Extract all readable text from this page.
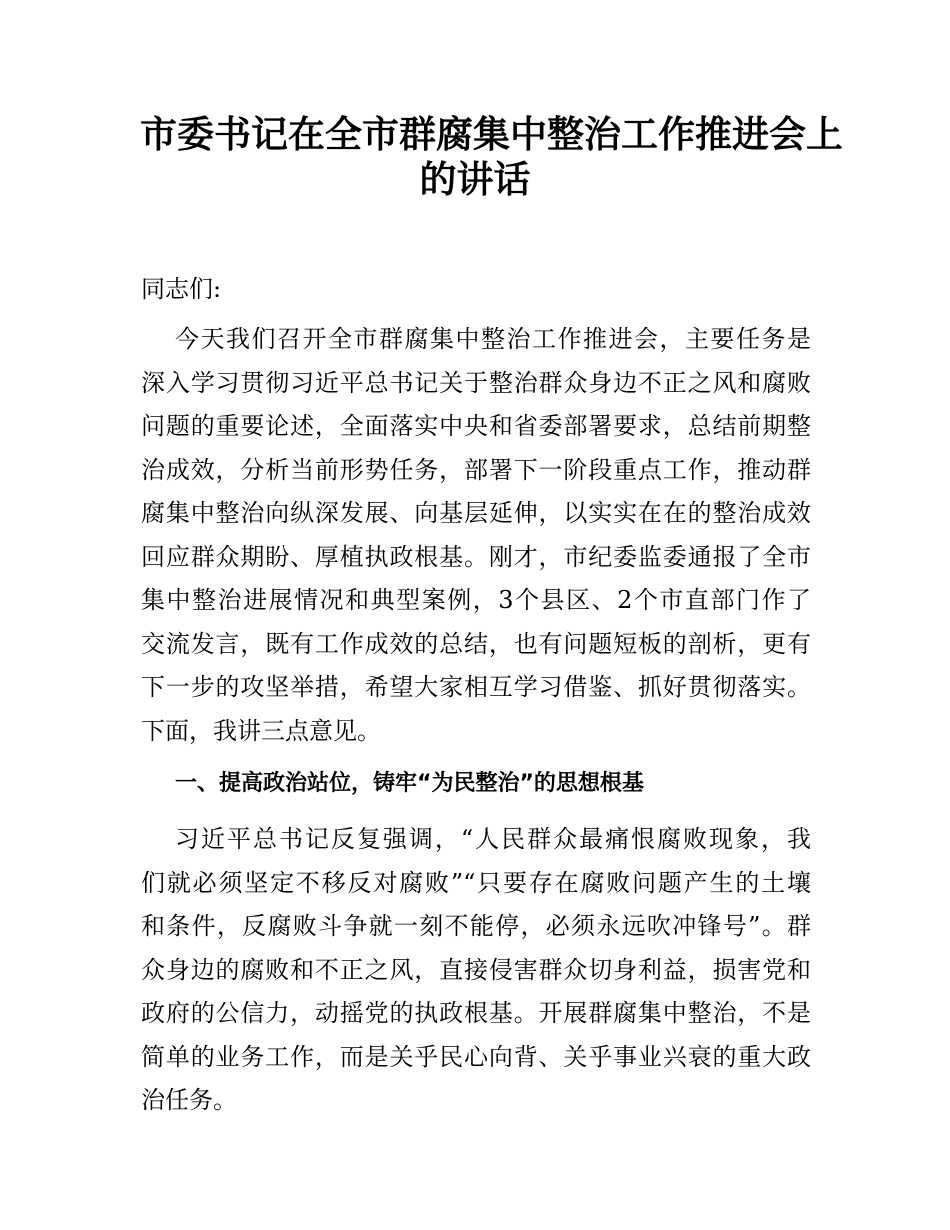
市委书记在全市群腐集中整治工作推进会上
的讲话

同志们:

今天我们召开全市群腐集中整治工作推进会，主要任务是
深入学习贯彻习近平总书记关于整治群众身边不正之风和腐败
问题的重要论述，全面落实中央和省委部署要求，总结前期整
治成效，分析当前形势任务，部署下一阶段重点工作，推动群
腐集中整治向纵深发展、向基层延伸，以实实在在的整治成效
回应群众期盼、厚植执政根基。刚才，市纪委监委通报了全市
集中整治进展情况和典型案例，3个县区、2个市直部门作了
交流发言，既有工作成效的总结，也有问题短板的剖析，更有
下一步的攻坚举措，希望大家相互学习借鉴、抓好贯彻落实。
下面，我讲三点意见。
一、提高政治站位，铸牢“为民整治”的思想根基
习近平总书记反复强调，“人民群众最痛恨腐败现象，我
们就必须坚定不移反对腐败”“只要存在腐败问题产生的土壤
和条件，反腐败斗争就一刻不能停，必须永远吹冲锋号”。群
众身边的腐败和不正之风，直接侵害群众切身利益，损害党和
政府的公信力，动摇党的执政根基。开展群腐集中整治，不是
简单的业务工作，而是关乎民心向背、关乎事业兴衰的重大政
治任务。
